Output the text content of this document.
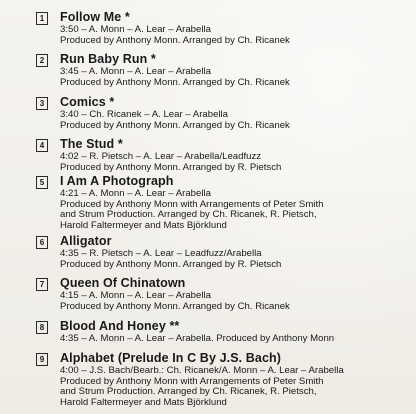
1	Follow Me *
3:50 – A. Monn – A. Lear – Arabella
Produced by Anthony Monn. Arranged by Ch. Ricanek
2	Run Baby Run *
3:45 – A. Monn – A. Lear – Arabella
Produced by Anthony Monn. Arranged by Ch. Ricanek
3	Comics *
3:40 – Ch. Ricanek – A. Lear – Arabella
Produced by Anthony Monn. Arranged by Ch. Ricanek
4	The Stud *
4:02 – R. Pietsch – A. Lear – Arabella/Leadfuzz
Produced by Anthony Monn. Arranged by R. Pietsch
5	I Am A Photograph
4:21 – A. Monn – A. Lear – Arabella
Produced by Anthony Monn with Arrangements of Peter Smith
and Strum Production. Arranged by Ch. Ricanek, R. Pietsch,
Harold Faltermeyer and Mats Björklund
6	Alligator
4:35 – R. Pietsch – A. Lear – Leadfuzz/Arabella
Produced by Anthony Monn. Arranged by R. Pietsch
7	Queen Of Chinatown
4:15 – A. Monn – A. Lear – Arabella
Produced by Anthony Monn. Arranged by Ch. Ricanek
8	Blood And Honey **
4:35 – A. Monn – A. Lear – Arabella. Produced by Anthony Monn
9	Alphabet (Prelude In C By J.S. Bach)
4:00 – J.S. Bach/Bearb.: Ch. Ricanek/A. Monn – A. Lear – Arabella
Produced by Anthony Monn with Arrangements of Peter Smith
and Strum Production. Arranged by Ch. Ricanek, R. Pietsch,
Harold Faltermeyer and Mats Björklund
